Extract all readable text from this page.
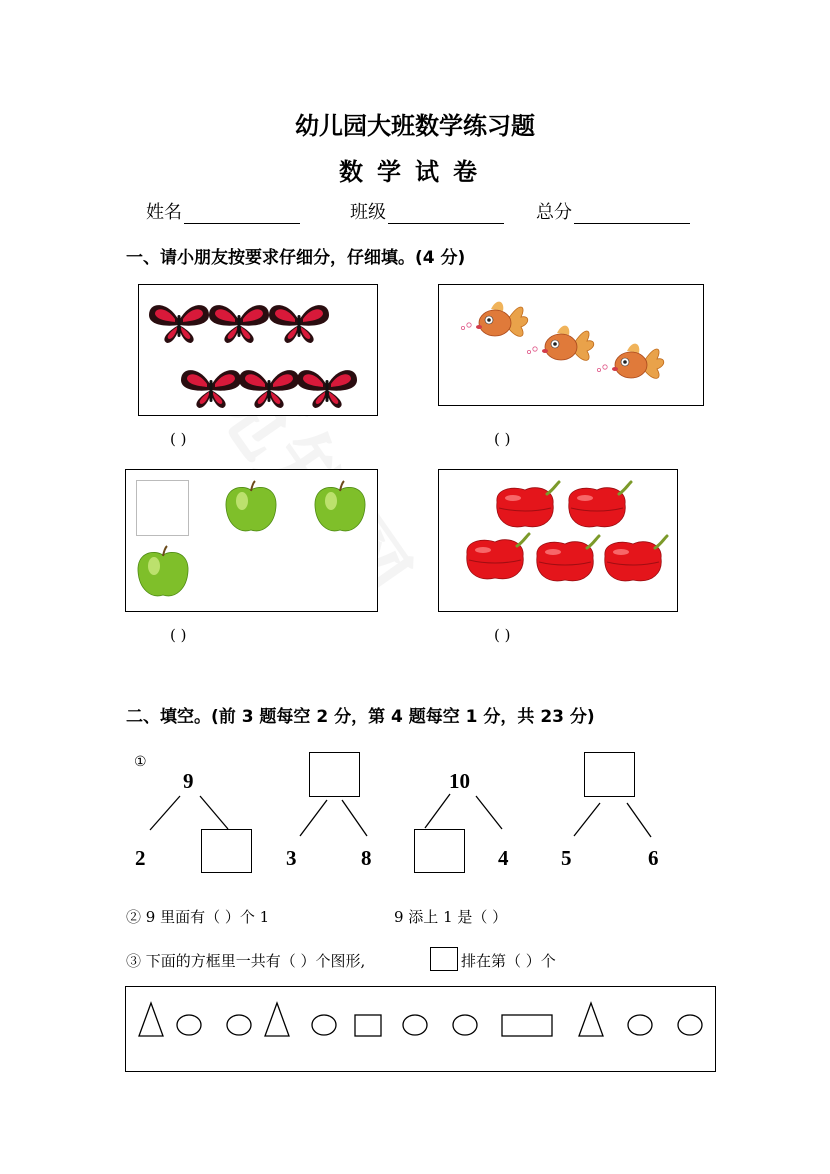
幼儿园大班数学练习题
数学试卷
姓名	班级	总分
一、请小朋友按要求仔细分，仔细填。(4 分)
( )	( )
( )	( )
二、填空。(前 3 题每空 2 分，第 4 题每空 1 分，共 23 分)
①
9
2	3	8
10
4	5	6
② 9 里面有（ ）个 1	9 添上 1 是（ ）
③ 下面的方框里一共有（ ）个图形,	排在第（ ）个
